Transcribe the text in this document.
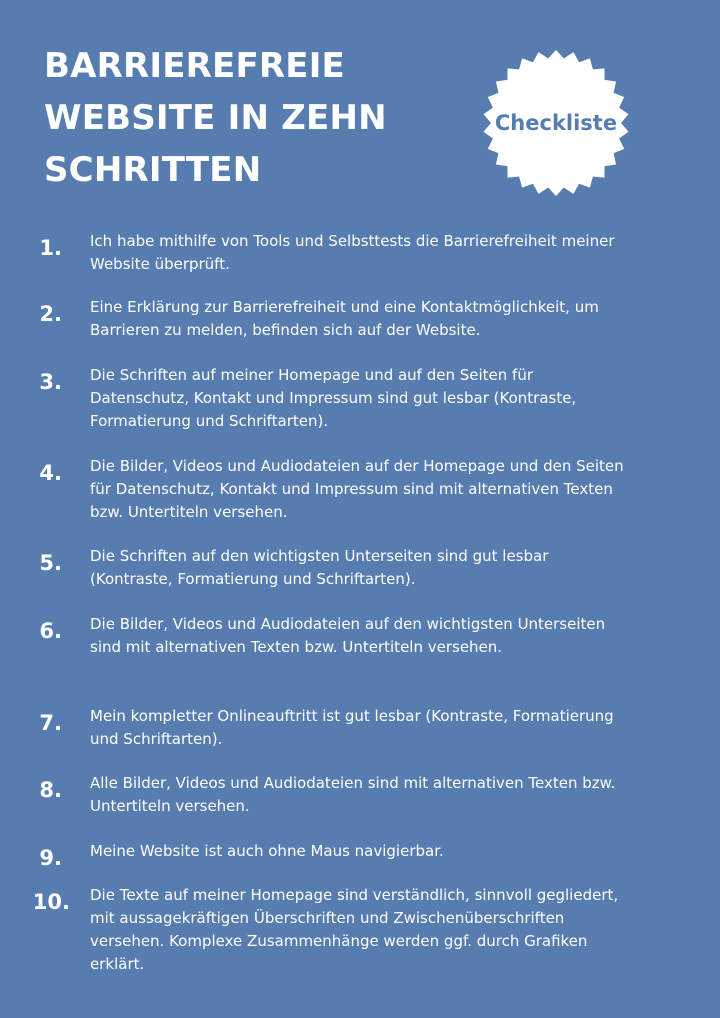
BARRIEREFREIE
WEBSITE IN ZEHN
SCHRITTEN
Checkliste
1. Ich habe mithilfe von Tools und Selbsttests die Barrierefreiheit meiner Website überprüft.
2. Eine Erklärung zur Barrierefreiheit und eine Kontaktmöglichkeit, um Barrieren zu melden, befinden sich auf der Website.
3. Die Schriften auf meiner Homepage und auf den Seiten für Datenschutz, Kontakt und Impressum sind gut lesbar (Kontraste, Formatierung und Schriftarten).
4. Die Bilder, Videos und Audiodateien auf der Homepage und den Seiten für Datenschutz, Kontakt und Impressum sind mit alternativen Texten bzw. Untertiteln versehen.
5. Die Schriften auf den wichtigsten Unterseiten sind gut lesbar (Kontraste, Formatierung und Schriftarten).
6. Die Bilder, Videos und Audiodateien auf den wichtigsten Unterseiten sind mit alternativen Texten bzw. Untertiteln versehen.
7. Mein kompletter Onlineauftritt ist gut lesbar (Kontraste, Formatierung und Schriftarten).
8. Alle Bilder, Videos und Audiodateien sind mit alternativen Texten bzw. Untertiteln versehen.
9. Meine Website ist auch ohne Maus navigierbar.
10. Die Texte auf meiner Homepage sind verständlich, sinnvoll gegliedert, mit aussagekräftigen Überschriften und Zwischenüberschriften versehen. Komplexe Zusammenhänge werden ggf. durch Grafiken erklärt.
